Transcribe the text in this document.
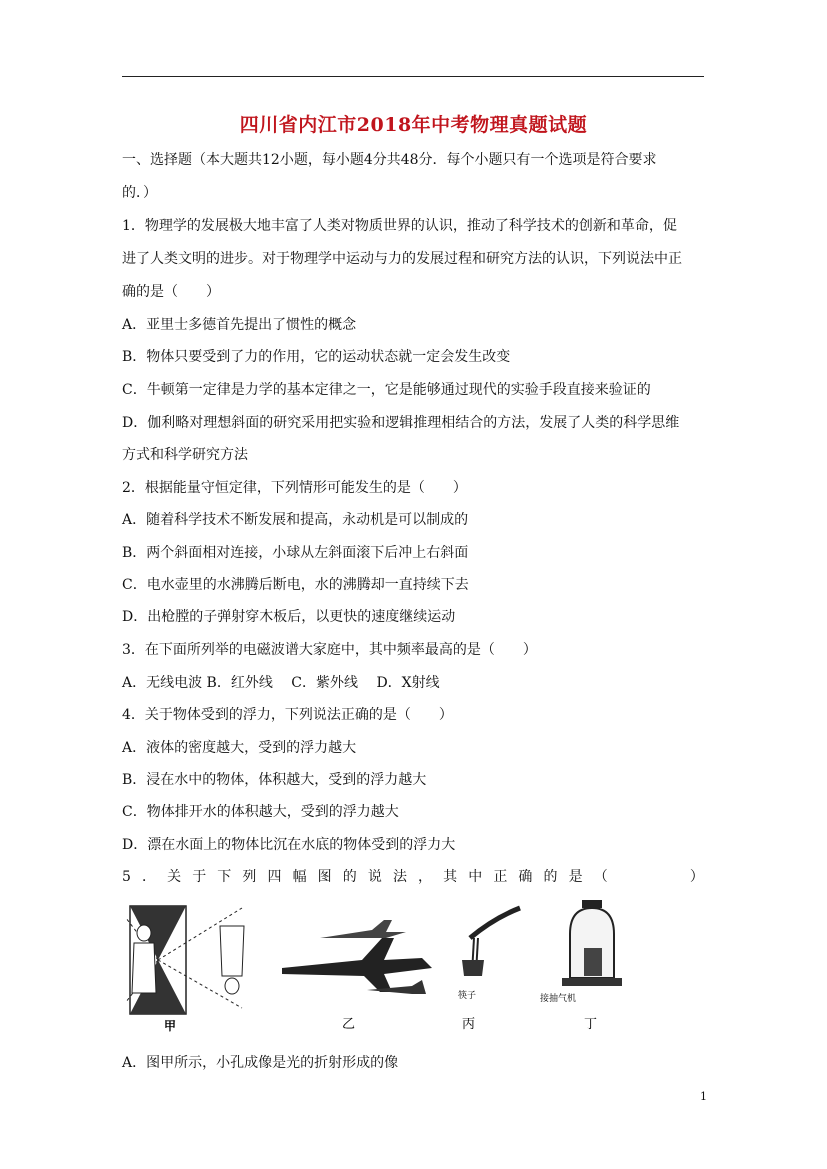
四川省内江市2018年中考物理真题试题
一、选择题（本大题共12小题，每小题4分共48分．每个小题只有一个选项是符合要求
的．）
1．物理学的发展极大地丰富了人类对物质世界的认识，推动了科学技术的创新和革命，促
进了人类文明的进步。对于物理学中运动与力的发展过程和研究方法的认识，下列说法中正
确的是（　　）
A．亚里士多德首先提出了惯性的概念
B．物体只要受到了力的作用，它的运动状态就一定会发生改变
C．牛顿第一定律是力学的基本定律之一，它是能够通过现代的实验手段直接来验证的
D．伽利略对理想斜面的研究采用把实验和逻辑推理相结合的方法，发展了人类的科学思维
方式和科学研究方法
2．根据能量守恒定律，下列情形可能发生的是（　　）
A．随着科学技术不断发展和提高，永动机是可以制成的
B．两个斜面相对连接，小球从左斜面滚下后冲上右斜面
C．电水壶里的水沸腾后断电，水的沸腾却一直持续下去
D．出枪膛的子弹射穿木板后，以更快的速度继续运动
3．在下面所列举的电磁波谱大家庭中，其中频率最高的是（　　）
A．无线电波 B．红外线　 C．紫外线　 D．X射线
4．关于物体受到的浮力，下列说法正确的是（　　）
A．液体的密度越大，受到的浮力越大
B．浸在水中的物体，体积越大，受到的浮力越大
C．物体排开水的体积越大，受到的浮力越大
D．漂在水面上的物体比沉在水底的物体受到的浮力大
5 ． 关 于 下 列 四 幅 图 的 说 法 ， 其 中 正 确 的 是 （	）
甲	乙
筷子
丙
接抽气机
丁
A．图甲所示，小孔成像是光的折射形成的像
1
